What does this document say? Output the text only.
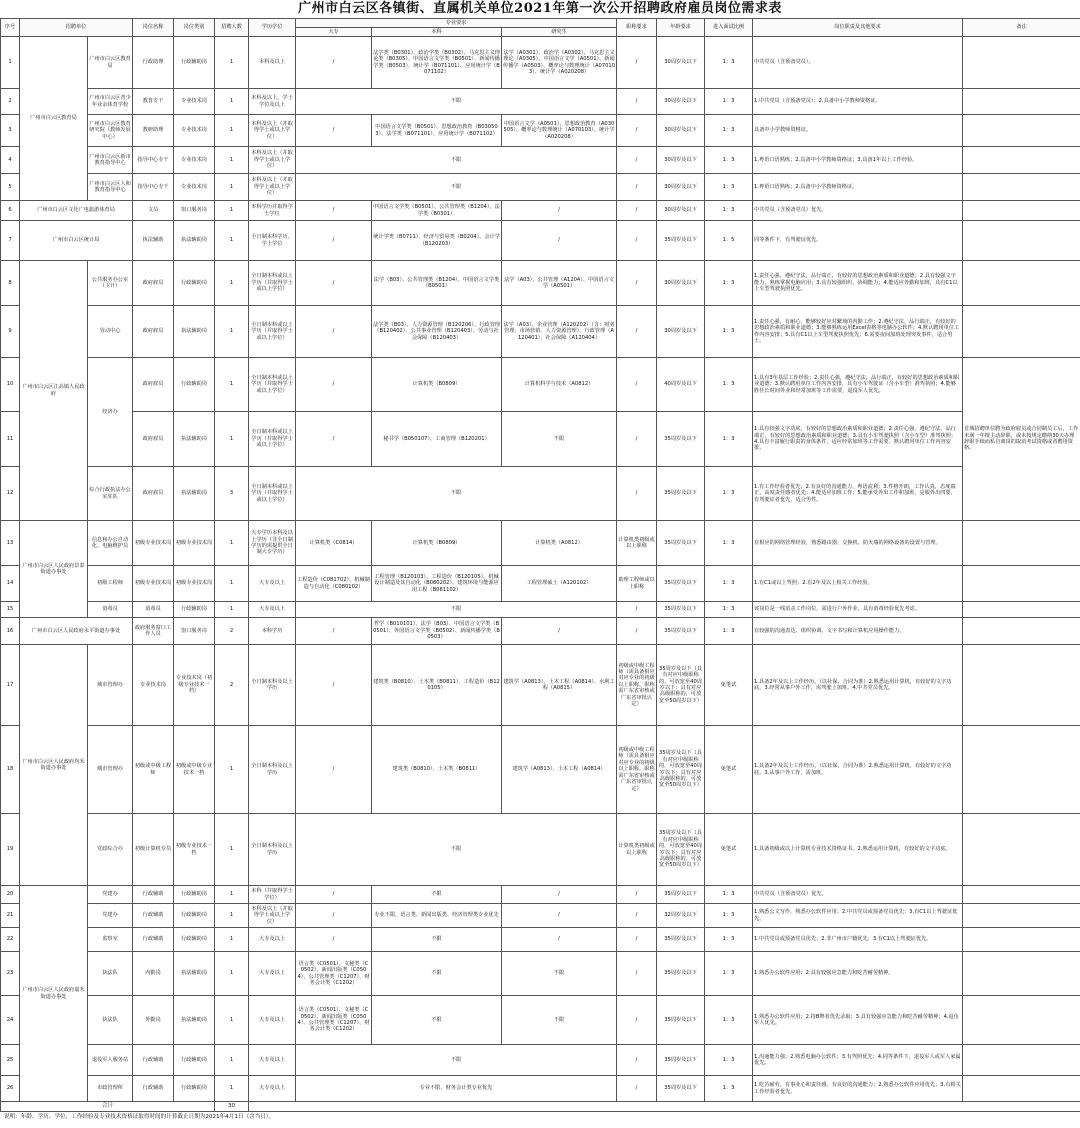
广州市白云区各镇街、直属机关单位2021年第一次公开招聘政府雇员岗位需求表
序号	招聘单位		岗位名称	岗位类别	招聘人数	学历学位	专业要求			职称要求	年龄要求	进入面试比例	岗位职责及其他要求	备注
							大专	本科	研究生					
1	广州市白云区教育局	广州市白云区教育局	行政助理	行政辅助岗	1	本科及以上	/	法学类（B0301）、政治学类（B0302）、马克思主义理论类（B0305）、中国语言文学类（B0501）、新闻传播学类（B0503）、统计学（B071101）、应用统计学（B071102）	法学（A0301）、政治学（A0302）、马克思主义理论（A0305）、中国语言文学（A0501）、新闻传播学（A0503）、概率论与数理统计（A070103）、统计学（A020208）	/	30周岁及以下	1：3	中共党员（含预备党员）。	
2		广州市白云区青少年业余体育学校	教育专干	专业技术岗	1	本科及以上，学士学位及以上	不限			/	30周岁及以下	1：3	1.中共党员（含预备党员）；2.具备中小学教师资格证。	
3		广州市白云区教育研究院（教师发展中心）	教研助理	专业技术岗	1	本科及以上（并取得学士或以上学位）	/	中国语言文学类（B0501）、思想政治教育（B030503）、法学类（B071101）、应用统计学（B071102）	中国语言文学（A0501）、思想政治教育（A030505）、概率论与数理统计（A070103）、统计学（A020208）	/	30周岁及以下	1：3	具备中小学教师资格证。	
4		广州市白云区新市教育指导中心	指导中心专干	专业技术岗	1	本科及以上（并取得学士或以上学位）	不限			/	30周岁及以下	1：3	1.粤语口语熟练；2.具备中小学教师资格证；3.具备1年以上工作经验。	
5		广州市白云区人和教育指导中心	指导中心专干	专业技术岗	1	本科及以上（并取得学士或以上学位）	不限			/	30周岁及以下	1：3	1.粤语口语熟练；2.具备中小学教师资格证。	
6	广州市白云区文化广电旅游体育局		文员	窗口服务岗	1	本科学历并取得学士学位	/	中国语言文学类（B0501）、公共管理类（B1204）、法学类（B0301）	/	/	30周岁及以下	1：3	中共党员（含预备党员）优先。	
7	广州市白云区统计局		执法辅助	执法辅助岗	1	全日制本科学历、学士学位	/	统计学类（B0711）、经济与贸易类（B0204）、会计学（B120203）	/	/	35周岁及以下	1：5	同等条件下，有驾驶证优先。	
8	广州市白云区江高镇人民政府	公共服务办公室（卫计）	政府雇员	行政辅助岗	1	全日制本科或以上学历（并取得学士或以上学位）	/	法学（B03）、公共管理类（B1204）、中国语言文学类（B0501）	法学（A03）、公共管理（A1204）、中国语言文学（A0501）	/	30周岁及以下	1：3	1.责任心强，遵纪守法，品行端正，有较好的思想政治素质和职业道德；2.具有较强文字能力，熟练掌握电脑应用；3.具有较强组织、协调能力；4.能适应外勤和加班，具有C1以上车型驾驶执照优先。	
9		劳动中心	政府雇员	执法辅助岗	1	全日制本科或以上学历（并取得学士或以上学位）	/	法学类（B03）、人力资源管理（B120206）、行政管理（B120402）、公共事业管理（B120403）、劳动与社会保障（B120403）	法学（A03）、企业管理（A120202）（含：财务管理、市场营销、人力资源管理）、行政管理（A120401）、社会保障（A120404）	/	30周岁及以下	1：3	1.责任心强，有耐心，能够较好应对繁琐的内勤工作；2.遵纪守法，品行端正，有较好的思想政治素质和职业道德；3.能够熟练运用Excel表格等电脑办公软件；4.默认聘用单位工作内容安排；5.具有C1以上车型驾驶执照优先；6.需要夜间加班处理突发事件，适合男士。	
10		经济办	政府雇员	行政辅助岗	1	全日制本科或以上学历（并取得学士或以上学位）	/	计算机类（B0809）	计算机科学与技术（A0812）	/	40周岁及以下	1：3	1.具有3年基层工作经验；2.责任心强，遵纪守法，品行端正，有较好的思想政治素质和职业道德；3.默认聘用单位工作内容安排，具有小车驾驶证（含小车型）准驾执照；4.能够胜任长时间外业和经常加班等工作需要，退役军人优先。	首城招聘单位聘为政府雇员或合同制员工后，工作未满一年擅主动辞职，或未按规定缴纳30天办理辞职手续而私自离岗的取消考试资格或者聘用资格。
11			政府雇员	执法辅助岗	1	全日制本科或以上学历（并取得学士或以上学位）	/	秘书学（B050107）、工商管理（B120201）	不限	/	35周岁及以下	1：3	1.具有较强文字功底，有较好的思想政治素质和职业道德；2.责任心强，遵纪守法，品行端正，有较好的思想政治素质和职业道德；3.具有小车驾驶执照（含小车型）准驾执照；4.具有丰富履行职责的身体条件，适应经常加班等工作需要，默认聘用单位工作内容安排。	
12		综合行政执法办公室驻队	政府雇员	执法辅助岗	3	全日制本科或以上学历（并取得学士或以上学位）	不限			/	35周岁及以下	1：3	1.有工作经验者优先；2.有良好的沟通能力，粤语流利；3.性格开朗，工作认真，态度端正，高度责任感者优先；4.能适应加班工作；5.能承受外出工作和加班，亮服外出四要，有驾驶证者优先，适合男性。	
13	广州市白云区人民政府景泰街道办事处	信息和办公自动化、电脑维护员	初级专业技术岗	初级专业技术岗	1	大专学历本科及以上学历（非全日制学历的需提供全日制大专学历）	计算机类（C0814）	计算机类（B0809）	计算机类（A0812）	计算机类初级或以上职称	35周岁及以下	1：3	有相应的网络管理经验，熟悉路由器、交换机、防火墙的网络设备的设置与管理。	
14		初级工程师	初级专业技术岗	初级专业技术岗	1	大专及以上	工程造价（C081702）、机械制造与自动化（C080102）	工程管理（B120103）、工程造价（B120105）、机械设计制造及其自动化（B080202）、建筑环境与能源应用工程（B081102）	工程管理硕士（A120102）	助理工程师或以上职称	35周岁及以下	1：3	1.有C1或以上驾照；2.有2年及以上相关工作经验。	
15		消毒员	消毒员	行政辅助岗	1	大专及以上	不限			/	35周岁及以下	1：3	该岗位是一线消杀工作岗位，需进行户外作业，具有消毒经验优先考虑。	
16	广州市白云区人民政府永平街道办事处		政府服务窗口工作人员	窗口服务岗	2	本科学历	/	哲学（B010101）、法学（B03）、中国语言文学类（B0501）、外国语言文学类（B0502）、新闻传播学类（B0503）	/	/	35周岁及以下	1：3	有较强的沟通表达、组织协调、文字书写和计算机应用操作能力。	
17	广州市白云区人民政府均禾街道办事处	城市管理办	专业技术岗	专业技术岗（初级专业技术一档）	2	全日制本科及以上学历	/	建筑类（B0810）、土木类（B0811）、工程造价（B120105）	建筑学（A0813）、土木工程（A0814）、水利工程（A0815）	初级或中级工程师（需具备相应对应专业的初级以上职称，职称需广东省审核或广东省审批认定）	35周岁及以下（具有对应中级职称的，可放宽至40周岁以下；具有对应高级职称的，可放宽至50周岁以下）	免笔试	1.具备2年及以上工作经历。（以社保、合同为准）2.熟悉运用计算机，有较好的文字功底。3.经常从事户外工作，需驾驶上加班。4.中共党员优先。	
18		城市管理办	初级或中级工程师	初级或中级专业技术一档	1	全日制本科及以上学历	/	建筑类（B0810）、土木类（B0811）	建筑学（A0813）、土木工程（A0814）	初级或中级工程师（需具备相应对应专业的初级以上职称，职称需广东省审核或广东省审批认定）	35周岁及以下（具有对应中级职称的，可放宽至40周岁以下；具有对应高级职称的，可放宽至50周岁以下）	免笔试	1.具备2年及以上工作经历。（以社保、合同为准）2.熟悉运用计算机，有较好的文字功底。3.从事户外工作，需加班。	
19		党政综合办	初级计算机专员	初级专业技术一档	1	全日制本科及以上学历	不限			计算机类初级或以上职称	35周岁及以下（具有对应中级职称的，可放宽至40周岁以下；具有对应高级职称的，可放宽至50周岁以下）	免笔试	1.具备初级或以上计算机专业技术资格证书。2.熟悉运用计算机，有较好的文字功底。	
20	广州市白云区人民政府嘉禾街道办事处	党建办	行政辅助	行政辅助岗	1	本科（并取得学士学位）	/	不限	/	/	35周岁及以下	1：3	中共党员（含预备党员）优先。	
21		党建办	行政辅助	行政辅助岗	1	本科及以上（并取得学士或以上学位）	/	专业不限，语言类、新闻出版类、经济管理类专业优先	/	/	32周岁及以下	1：3	1.熟悉公文写作，熟悉办公软件应用；2.中共党员或预备党员优先；3.有C1以上驾驶证优先。	
22		监察室	行政辅助	行政辅助岗	1	大专及以上	/	不限	/	/	35周岁及以下	1：3	1.中共党员或预备党员优先；2.非广州市户籍优先；3.有C1以上驾驶证优先。	
23		执法队	内勤岗	执法辅助岗	1	大专及以上	语言类（C0501）、文秘类（C0502）、新闻出版类（C0504）、公共管理类（C1207）、财务会计类（C1202）	不限	不限	/	35周岁及以下	1：3	1.熟悉办公软件应用；2.具有较强应急能力和吃苦耐劳精神。	
24		执法队	外勤岗	执法辅助岗	1	大专及以上	语言类（C0501）、文秘类（C0502）、新闻出版类（C0504）、公共管理类（C1207）、财务会计类（C1202）	不限	不限	/	35周岁及以下	1：3	1.熟悉办公软件应用；2.持B牌者优先录取；3.具有较强应急能力和吃苦耐劳精神；4.退伍军人优先。	
25		退役军人服务站	行政辅助	行政辅助岗	1	大专及以上	不限			/	35周岁及以下	1：3	1.沟通能力强；2.熟悉电脑办公软件；3.有驾照优先；4.同等条件下，退役军人或军人家属优先。	
26		市政管理所	行政辅助	行政辅助岗	1	大专及以上	专业不限，财务会计类专业优先			/	35周岁及以下	1：3	1.吃苦耐劳，有事业心和责任感，有良好的沟通能力；2.熟悉办公软件应用优先；3.有相关工作经验者优先。	
合计					30									
说明：年龄、学历、学位、工作经验及专业技术资格证取得时间的计算截止日期为2021年4月1日（含当日）。
